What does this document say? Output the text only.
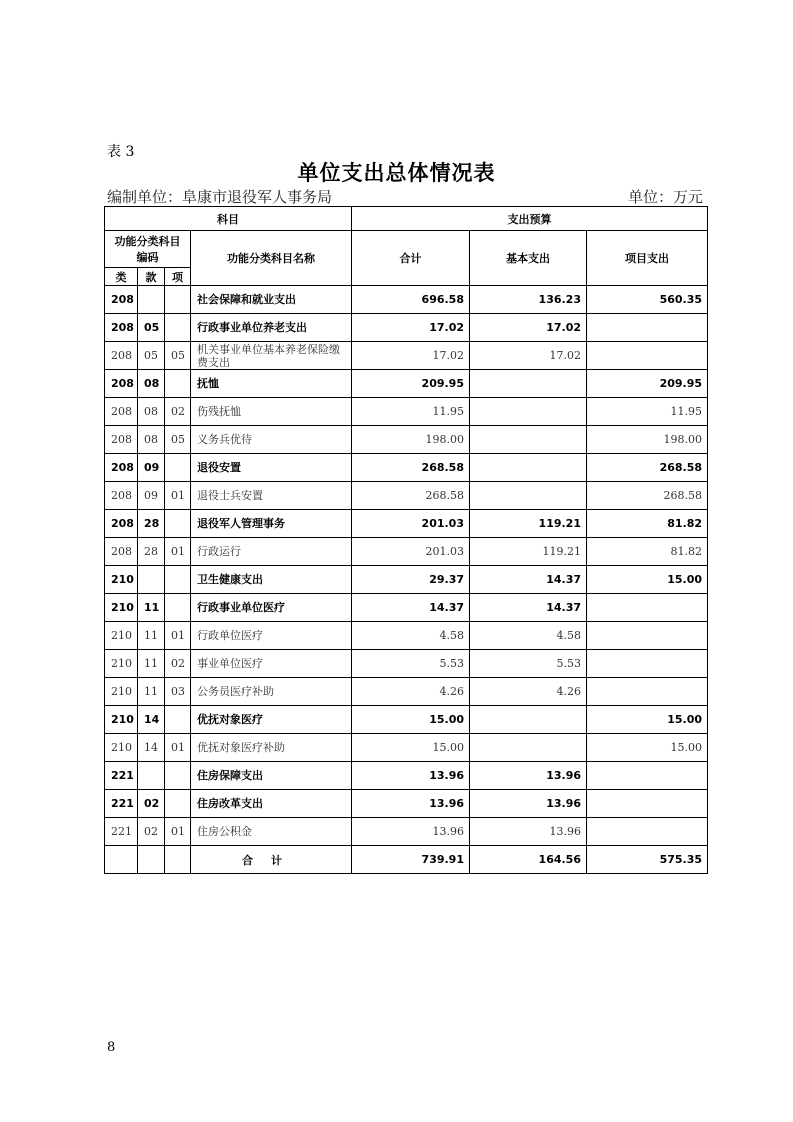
表 3
单位支出总体情况表
编制单位：阜康市退役军人事务局	单位：万元
科目				支出预算		
功能分类科目编码			功能分类科目名称	合计	基本支出	项目支出
类	款	项				
208			社会保障和就业支出	696.58	136.23	560.35
208	05		行政事业单位养老支出	17.02	17.02	
208	05	05	机关事业单位基本养老保险缴费支出	17.02	17.02	
208	08		抚恤	209.95		209.95
208	08	02	伤残抚恤	11.95		11.95
208	08	05	义务兵优待	198.00		198.00
208	09		退役安置	268.58		268.58
208	09	01	退役士兵安置	268.58		268.58
208	28		退役军人管理事务	201.03	119.21	81.82
208	28	01	行政运行	201.03	119.21	81.82
210			卫生健康支出	29.37	14.37	15.00
210	11		行政事业单位医疗	14.37	14.37	
210	11	01	行政单位医疗	4.58	4.58	
210	11	02	事业单位医疗	5.53	5.53	
210	11	03	公务员医疗补助	4.26	4.26	
210	14		优抚对象医疗	15.00		15.00
210	14	01	优抚对象医疗补助	15.00		15.00
221			住房保障支出	13.96	13.96	
221	02		住房改革支出	13.96	13.96	
221	02	01	住房公积金	13.96	13.96	
			合计	739.91	164.56	575.35
8
